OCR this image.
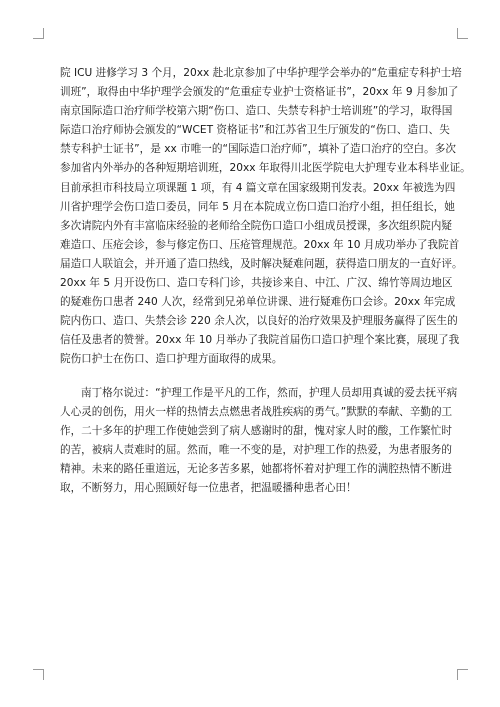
院 ICU 进修学习 3 个月，20xx 赴北京参加了中华护理学会举办的“危重症专科护士培
训班”，取得由中华护理学会颁发的“危重症专业护士资格证书”，20xx 年 9 月参加了
南京国际造口治疗师学校第六期“伤口、造口、失禁专科护士培训班”的学习，取得国
际造口治疗师协会颁发的“WCET 资格证书”和江苏省卫生厅颁发的“伤口、造口、失
禁专科护士证书”，是 xx 市唯一的“国际造口治疗师”，填补了造口治疗的空白。多次
参加省内外举办的各种短期培训班，20xx 年取得川北医学院电大护理专业本科毕业证。
目前承担市科技局立项课题 1 项，有 4 篇文章在国家级期刊发表。20xx 年被选为四
川省护理学会伤口造口委员，同年 5 月在本院成立伤口造口治疗小组，担任组长，她
多次请院内外有丰富临床经验的老师给全院伤口造口小组成员授课，多次组织院内疑
难造口、压疮会诊，参与修定伤口、压疮管理规范。20xx 年 10 月成功举办了我院首
届造口人联谊会，并开通了造口热线，及时解决疑难问题，获得造口朋友的一直好评。
20xx 年 5 月开设伤口、造口专科门诊，共接诊来自、中江、广汉、绵竹等周边地区
的疑难伤口患者 240 人次，经常到兄弟单位讲课、进行疑难伤口会诊。20xx 年完成
院内伤口、造口、失禁会诊 220 余人次，以良好的治疗效果及护理服务赢得了医生的
信任及患者的赞誉。20xx 年 10 月举办了我院首届伤口造口护理个案比赛，展现了我
院伤口护士在伤口、造口护理方面取得的成果。
南丁格尔说过：“护理工作是平凡的工作，然而，护理人员却用真诚的爱去抚平病
人心灵的创伤，用火一样的热情去点燃患者战胜疾病的勇气。”默默的奉献、辛勤的工
作，二十多年的护理工作使她尝到了病人感谢时的甜，愧对家人时的酸，工作繁忙时
的苦，被病人责难时的屈。然而，唯一不变的是，对护理工作的热爱，为患者服务的
精神。未来的路任重道远，无论多苦多累，她都将怀着对护理工作的满腔热情不断进
取，不断努力，用心照顾好每一位患者，把温暖播种患者心田！
